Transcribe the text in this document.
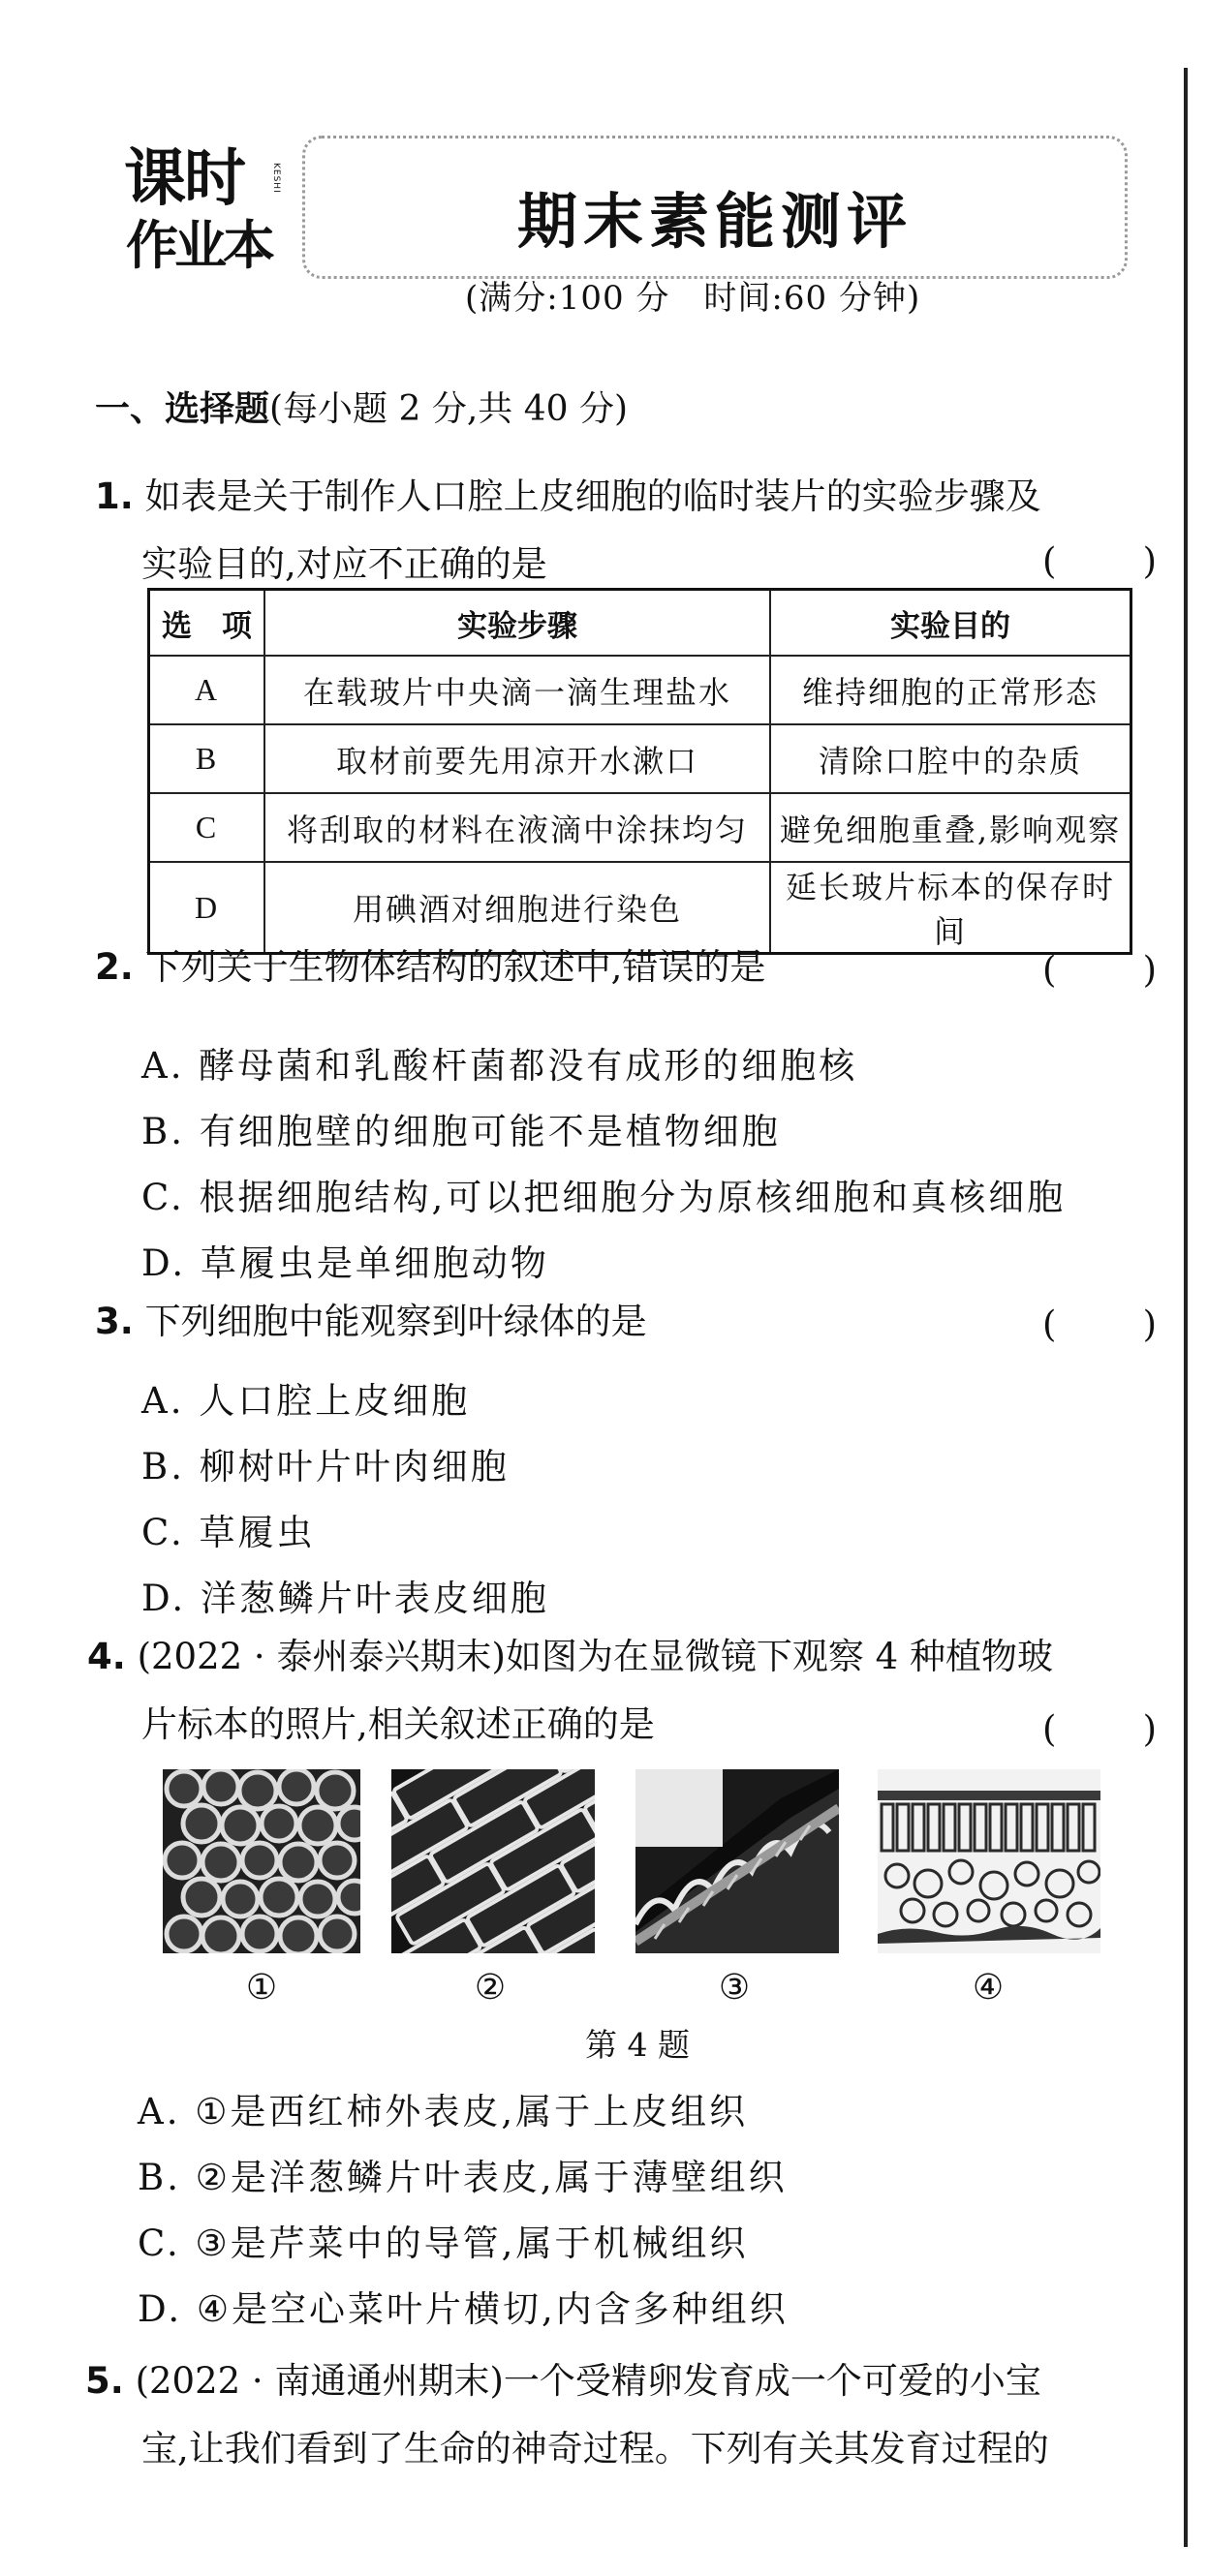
课时
作业本
KESHI
期末素能测评
(满分:100 分　时间:60 分钟)
一、选择题(每小题 2 分,共 40 分)
1. 如表是关于制作人口腔上皮细胞的临时装片的实验步骤及
实验目的,对应不正确的是	( )
选　项	实验步骤	实验目的
A	在载玻片中央滴一滴生理盐水	维持细胞的正常形态
B	取材前要先用凉开水漱口	清除口腔中的杂质
C	将刮取的材料在液滴中涂抹均匀	避免细胞重叠,影响观察
D	用碘酒对细胞进行染色	延长玻片标本的保存时间
2. 下列关于生物体结构的叙述中,错误的是	( )
A. 酵母菌和乳酸杆菌都没有成形的细胞核
B. 有细胞壁的细胞可能不是植物细胞
C. 根据细胞结构,可以把细胞分为原核细胞和真核细胞
D. 草履虫是单细胞动物
3. 下列细胞中能观察到叶绿体的是	( )
A. 人口腔上皮细胞
B. 柳树叶片叶肉细胞
C. 草履虫
D. 洋葱鳞片叶表皮细胞
4. (2022 · 泰州泰兴期末)如图为在显微镜下观察 4 种植物玻
片标本的照片,相关叙述正确的是	( )
①	②	③	④
第 4 题
A. ①是西红柿外表皮,属于上皮组织
B. ②是洋葱鳞片叶表皮,属于薄壁组织
C. ③是芹菜中的导管,属于机械组织
D. ④是空心菜叶片横切,内含多种组织
5. (2022 · 南通通州期末)一个受精卵发育成一个可爱的小宝
宝,让我们看到了生命的神奇过程。下列有关其发育过程的
